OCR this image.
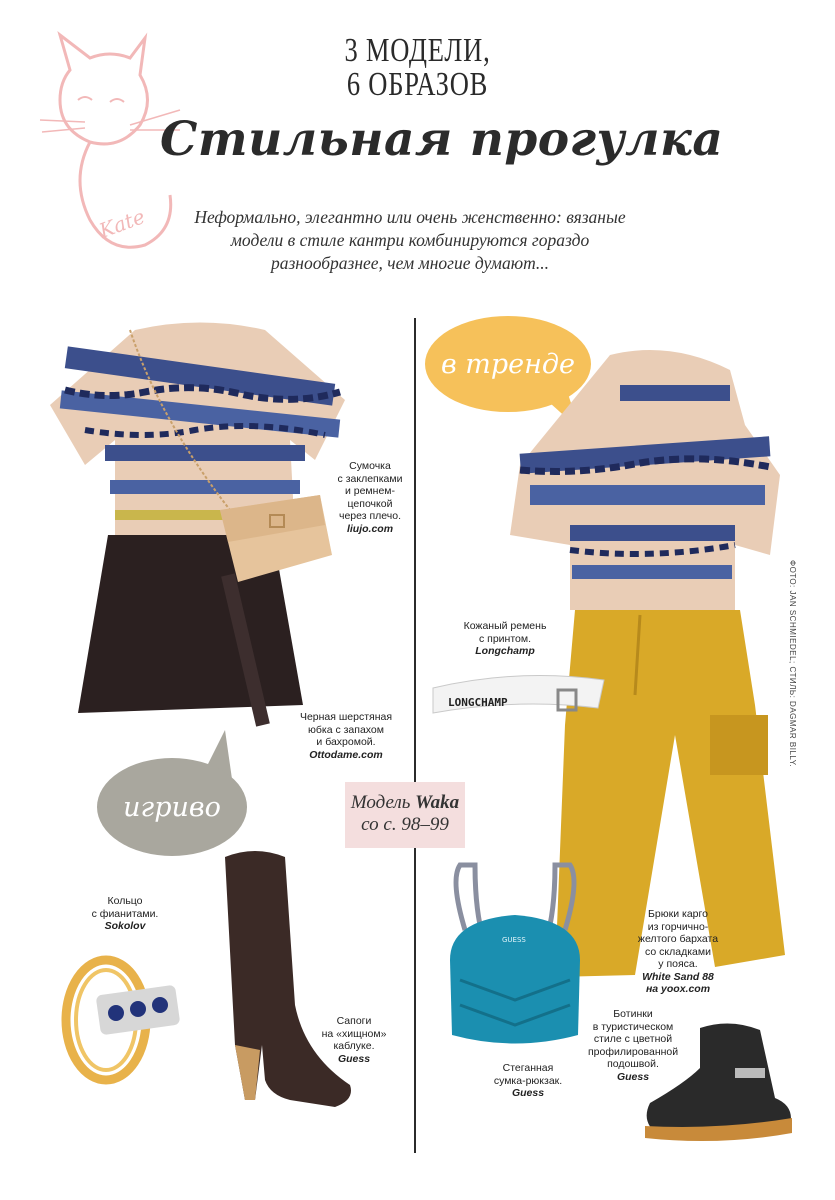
Kate
3 МОДЕЛИ,
6 ОБРАЗОВ
Стильная прогулка
Неформально, элегантно или очень женственно: вязаные модели в стиле кантри комбинируются гораздо разнообразнее, чем многие думают...
игриво	Модель Waka
со с. 98–99
в тренде
LONGCHAMP
GUESS
Сумочка
с заклепками
и ремнем-
цепочкой
через плечо.
liujo.com
Черная шерстяная
юбка с запахом
и бахромой.
Ottodame.com
Кольцо
с фианитами.
Sokolov
Сапоги
на «хищном»
каблуке.
Guess
Кожаный ремень
с принтом.
Longchamp
Брюки карго
из горчично-
желтого бархата
со складками
у пояса.
White Sand 88
на yoox.com
Ботинки
в туристическом
стиле с цветной
профилированной
подошвой.
Guess
Стеганная
сумка-рюкзак.
Guess
ФОТО: JAN SCHMIEDEL; СТИЛЬ: DAGMAR BILLY.
